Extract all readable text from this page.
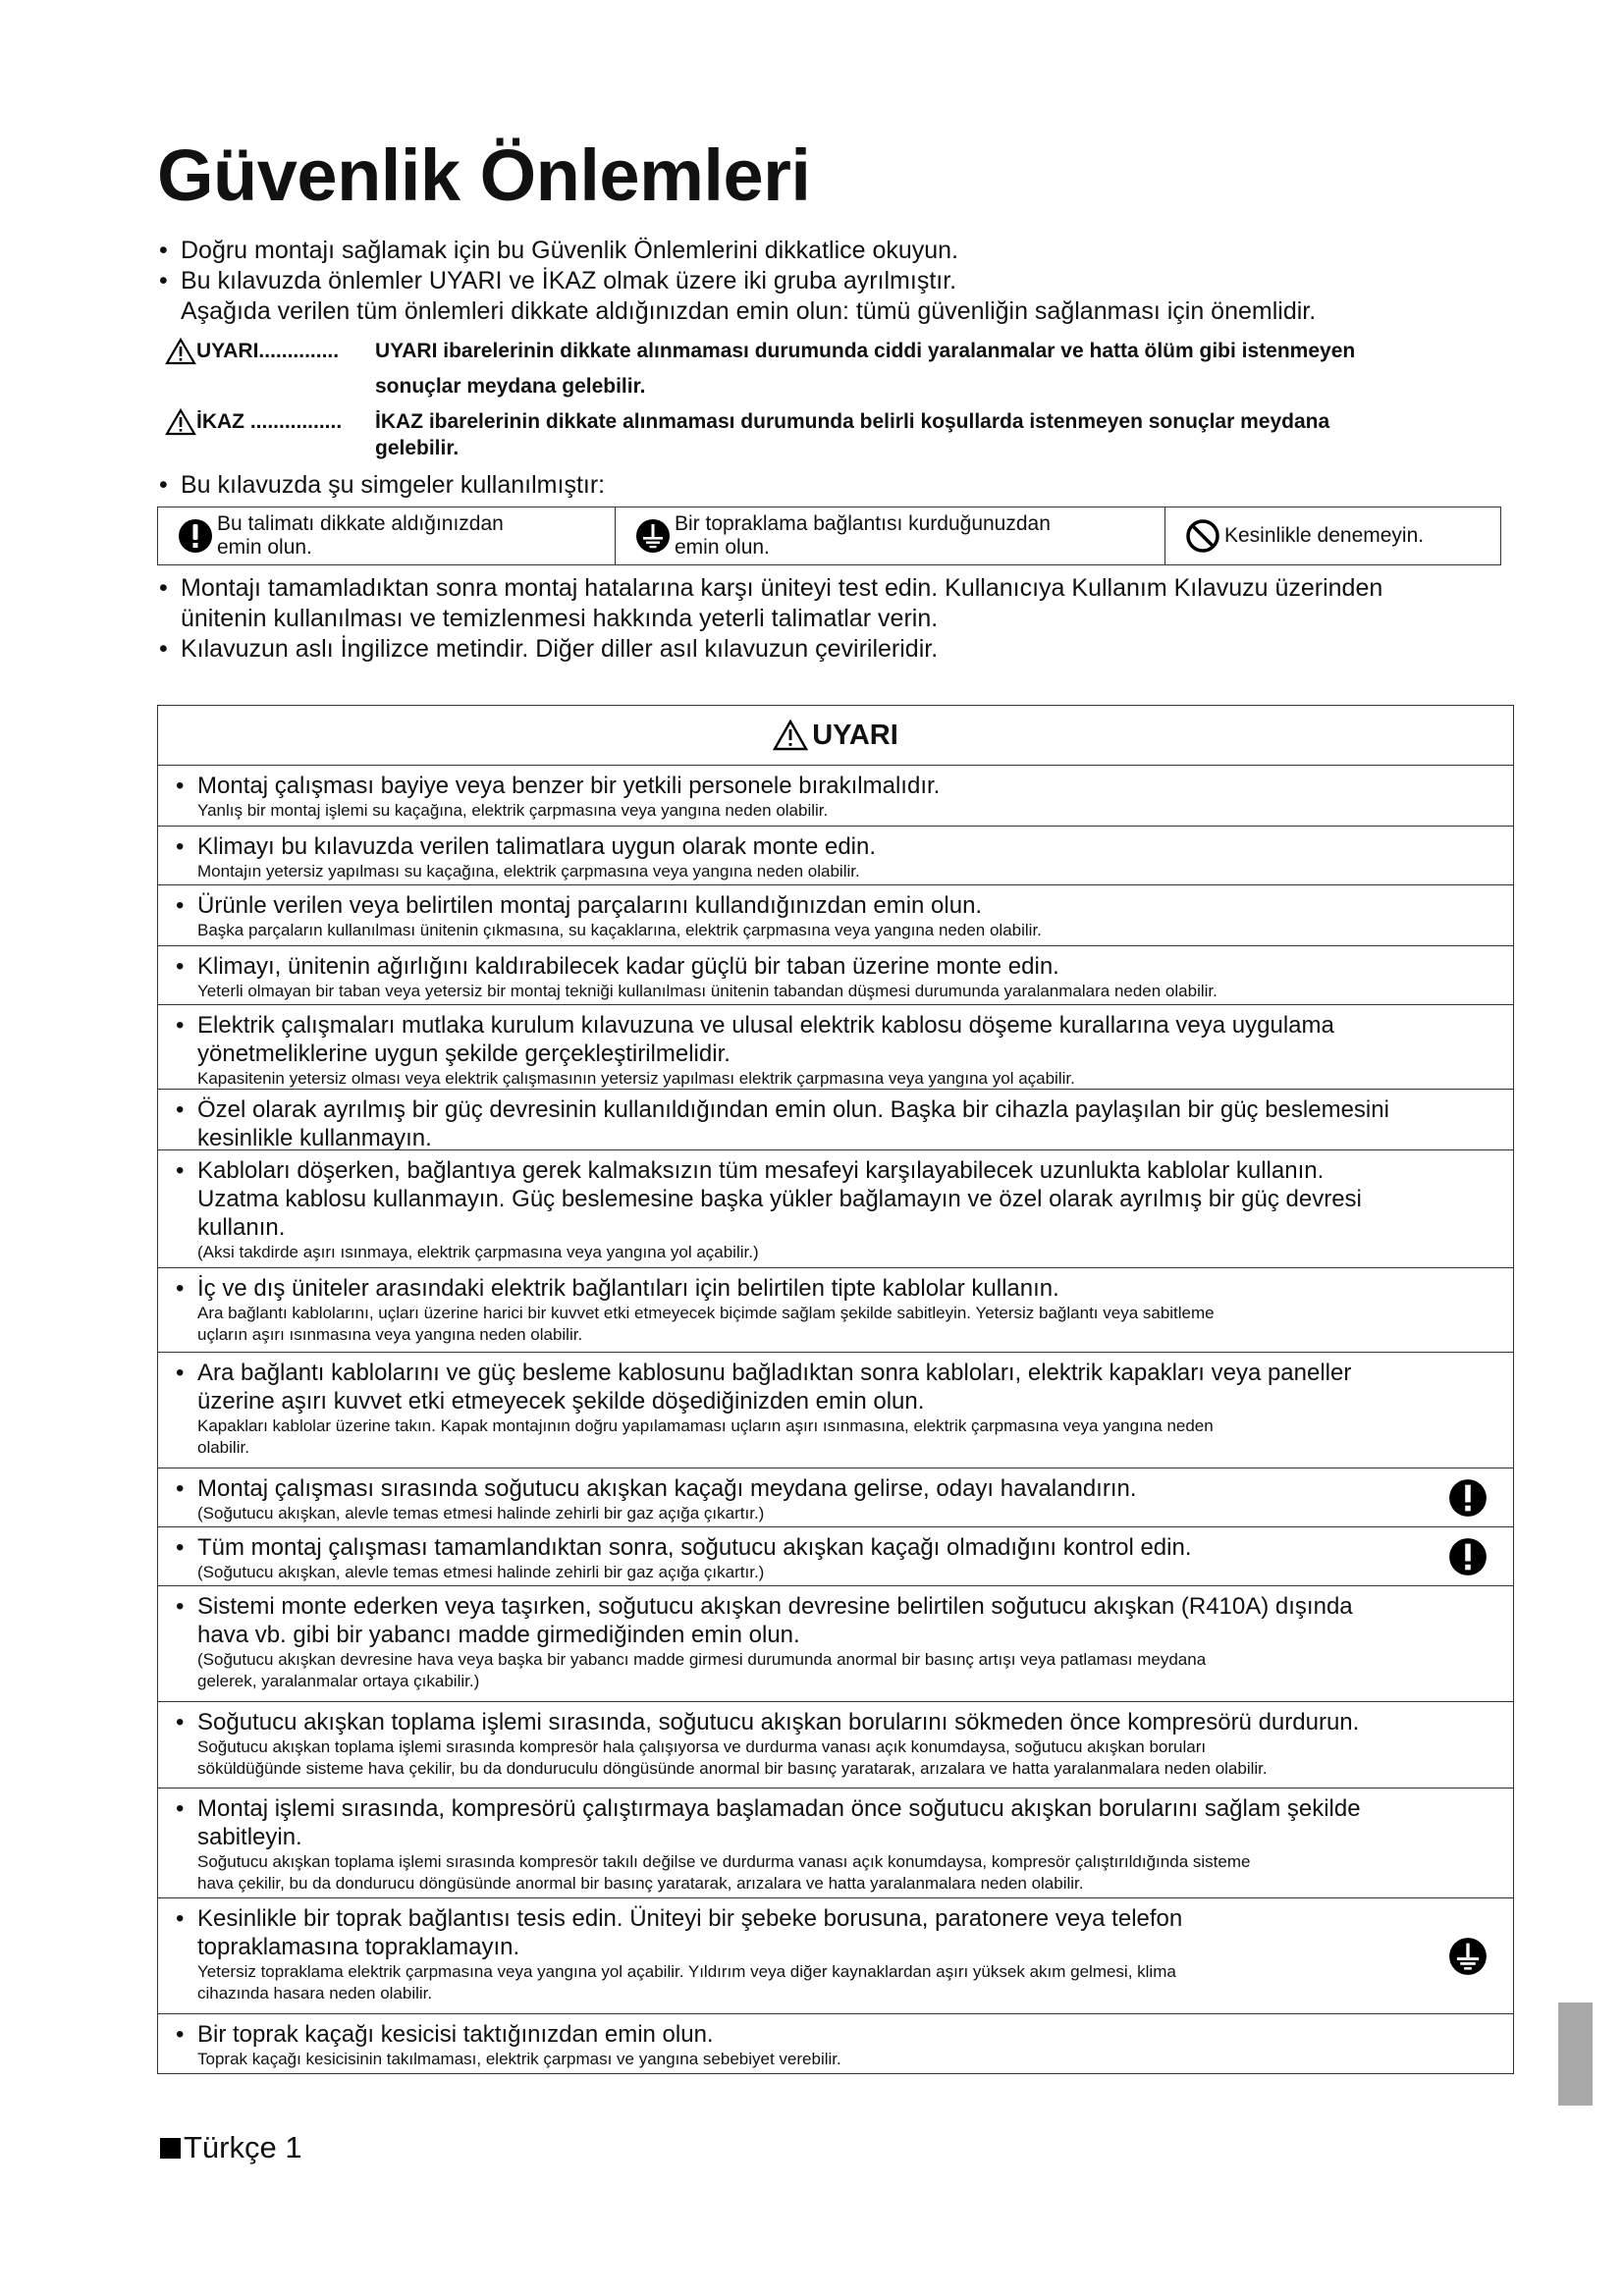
Güvenlik Önlemleri
• Doğru montajı sağlamak için bu Güvenlik Önlemlerini dikkatlice okuyun.
• Bu kılavuzda önlemler UYARI ve İKAZ olmak üzere iki gruba ayrılmıştır.
Aşağıda verilen tüm önlemleri dikkate aldığınızdan emin olun: tümü güvenliğin sağlanması için önemlidir.
UYARI..............	UYARI ibarelerinin dikkate alınmaması durumunda ciddi yaralanmalar ve hatta ölüm gibi istenmeyen
sonuçlar meydana gelebilir.
İKAZ ................	İKAZ ibarelerinin dikkate alınmaması durumunda belirli koşullarda istenmeyen sonuçlar meydana
gelebilir.
• Bu kılavuzda şu simgeler kullanılmıştır:
Bu talimatı dikkate aldığınızdan
emin olun.
Bir topraklama bağlantısı kurduğunuzdan
emin olun.
Kesinlikle denemeyin.
• Montajı tamamladıktan sonra montaj hatalarına karşı üniteyi test edin. Kullanıcıya Kullanım Kılavuzu üzerinden
ünitenin kullanılması ve temizlenmesi hakkında yeterli talimatlar verin.
• Kılavuzun aslı İngilizce metindir. Diğer diller asıl kılavuzun çevirileridir.
UYARI
• Montaj çalışması bayiye veya benzer bir yetkili personele bırakılmalıdır.
Yanlış bir montaj işlemi su kaçağına, elektrik çarpmasına veya yangına neden olabilir.
• Klimayı bu kılavuzda verilen talimatlara uygun olarak monte edin.
Montajın yetersiz yapılması su kaçağına, elektrik çarpmasına veya yangına neden olabilir.
• Ürünle verilen veya belirtilen montaj parçalarını kullandığınızdan emin olun.
Başka parçaların kullanılması ünitenin çıkmasına, su kaçaklarına, elektrik çarpmasına veya yangına neden olabilir.
• Klimayı, ünitenin ağırlığını kaldırabilecek kadar güçlü bir taban üzerine monte edin.
Yeterli olmayan bir taban veya yetersiz bir montaj tekniği kullanılması ünitenin tabandan düşmesi durumunda yaralanmalara neden olabilir.
• Elektrik çalışmaları mutlaka kurulum kılavuzuna ve ulusal elektrik kablosu döşeme kurallarına veya uygulama
yönetmeliklerine uygun şekilde gerçekleştirilmelidir.
Kapasitenin yetersiz olması veya elektrik çalışmasının yetersiz yapılması elektrik çarpmasına veya yangına yol açabilir.
• Özel olarak ayrılmış bir güç devresinin kullanıldığından emin olun. Başka bir cihazla paylaşılan bir güç beslemesini
kesinlikle kullanmayın.
• Kabloları döşerken, bağlantıya gerek kalmaksızın tüm mesafeyi karşılayabilecek uzunlukta kablolar kullanın.
Uzatma kablosu kullanmayın. Güç beslemesine başka yükler bağlamayın ve özel olarak ayrılmış bir güç devresi
kullanın.
(Aksi takdirde aşırı ısınmaya, elektrik çarpmasına veya yangına yol açabilir.)
• İç ve dış üniteler arasındaki elektrik bağlantıları için belirtilen tipte kablolar kullanın.
Ara bağlantı kablolarını, uçları üzerine harici bir kuvvet etki etmeyecek biçimde sağlam şekilde sabitleyin. Yetersiz bağlantı veya sabitleme
uçların aşırı ısınmasına veya yangına neden olabilir.
• Ara bağlantı kablolarını ve güç besleme kablosunu bağladıktan sonra kabloları, elektrik kapakları veya paneller
üzerine aşırı kuvvet etki etmeyecek şekilde döşediğinizden emin olun.
Kapakları kablolar üzerine takın. Kapak montajının doğru yapılamaması uçların aşırı ısınmasına, elektrik çarpmasına veya yangına neden
olabilir.
• Montaj çalışması sırasında soğutucu akışkan kaçağı meydana gelirse, odayı havalandırın.
(Soğutucu akışkan, alevle temas etmesi halinde zehirli bir gaz açığa çıkartır.)
• Tüm montaj çalışması tamamlandıktan sonra, soğutucu akışkan kaçağı olmadığını kontrol edin.
(Soğutucu akışkan, alevle temas etmesi halinde zehirli bir gaz açığa çıkartır.)
• Sistemi monte ederken veya taşırken, soğutucu akışkan devresine belirtilen soğutucu akışkan (R410A) dışında
hava vb. gibi bir yabancı madde girmediğinden emin olun.
(Soğutucu akışkan devresine hava veya başka bir yabancı madde girmesi durumunda anormal bir basınç artışı veya patlaması meydana
gelerek, yaralanmalar ortaya çıkabilir.)
• Soğutucu akışkan toplama işlemi sırasında, soğutucu akışkan borularını sökmeden önce kompresörü durdurun.
Soğutucu akışkan toplama işlemi sırasında kompresör hala çalışıyorsa ve durdurma vanası açık konumdaysa, soğutucu akışkan boruları
söküldüğünde sisteme hava çekilir, bu da donduruculu döngüsünde anormal bir basınç yaratarak, arızalara ve hatta yaralanmalara neden olabilir.
• Montaj işlemi sırasında, kompresörü çalıştırmaya başlamadan önce soğutucu akışkan borularını sağlam şekilde
sabitleyin.
Soğutucu akışkan toplama işlemi sırasında kompresör takılı değilse ve durdurma vanası açık konumdaysa, kompresör çalıştırıldığında sisteme
hava çekilir, bu da dondurucu döngüsünde anormal bir basınç yaratarak, arızalara ve hatta yaralanmalara neden olabilir.
• Kesinlikle bir toprak bağlantısı tesis edin. Üniteyi bir şebeke borusuna, paratonere veya telefon
topraklamasına topraklamayın.
Yetersiz topraklama elektrik çarpmasına veya yangına yol açabilir. Yıldırım veya diğer kaynaklardan aşırı yüksek akım gelmesi, klima
cihazında hasara neden olabilir.
• Bir toprak kaçağı kesicisi taktığınızdan emin olun.
Toprak kaçağı kesicisinin takılmaması, elektrik çarpması ve yangına sebebiyet verebilir.
Türkçe 1
